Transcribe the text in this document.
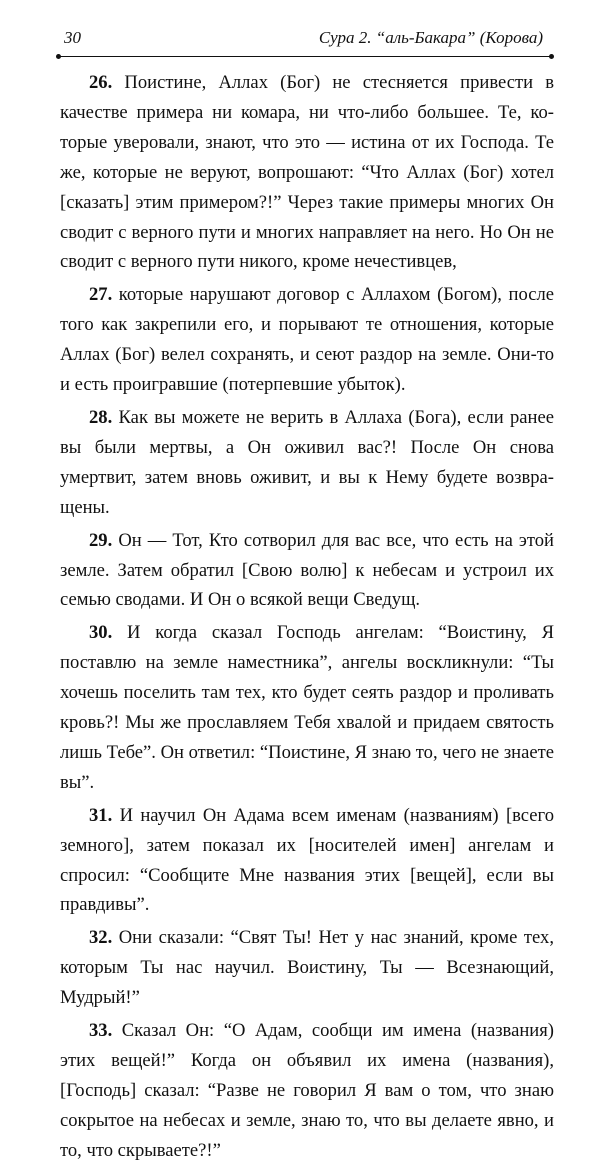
30	Сура 2. “аль-Бакара” (Корова)

26. Поистине, Аллах (Бог) не стесняется привести в качестве примера ни комара, ни что-либо большее. Те, которые уверовали, знают, что это — истина от их Господа. Те же, которые не веруют, вопрошают: “Что Аллах (Бог) хотел [сказать] этим примером?!” Через такие примеры многих Он сводит с верного пути и многих направляет на него. Но Он не сводит с верного пути никого, кроме нечестивцев,

27. которые нарушают договор с Аллахом (Богом), после того как закрепили его, и порывают те отношения, которые Аллах (Бог) велел сохранять, и сеют раздор на земле. Они-то и есть проигравшие (потерпевшие убыток).

28. Как вы можете не верить в Аллаха (Бога), если ранее вы были мертвы, а Он оживил вас?! После Он снова умертвит, затем вновь оживит, и вы к Нему будете возвращены.

29. Он — Тот, Кто сотворил для вас все, что есть на этой земле. Затем обратил [Свою волю] к небесам и устроил их семью сводами. И Он о всякой вещи Сведущ.

30. И когда сказал Господь ангелам: “Воистину, Я поставлю на земле наместника”, ангелы воскликнули: “Ты хочешь поселить там тех, кто будет сеять раздор и проливать кровь?! Мы же прославляем Тебя хвалой и придаем святость лишь Тебе”. Он ответил: “Поистине, Я знаю то, чего не знаете вы”.

31. И научил Он Адама всем именам (названиям) [всего земного], затем показал их [носителей имен] ангелам и спросил: “Сообщите Мне названия этих [вещей], если вы правдивы”.

32. Они сказали: “Свят Ты! Нет у нас знаний, кроме тех, которым Ты нас научил. Воистину, Ты — Всезнающий, Мудрый!”

33. Сказал Он: “О Адам, сообщи им имена (названия) этих вещей!” Когда он объявил их имена (названия), [Господь] сказал: “Разве не говорил Я вам о том, что знаю сокрытое на небесах и земле, знаю то, что вы делаете явно, и то, что скрываете?!”
